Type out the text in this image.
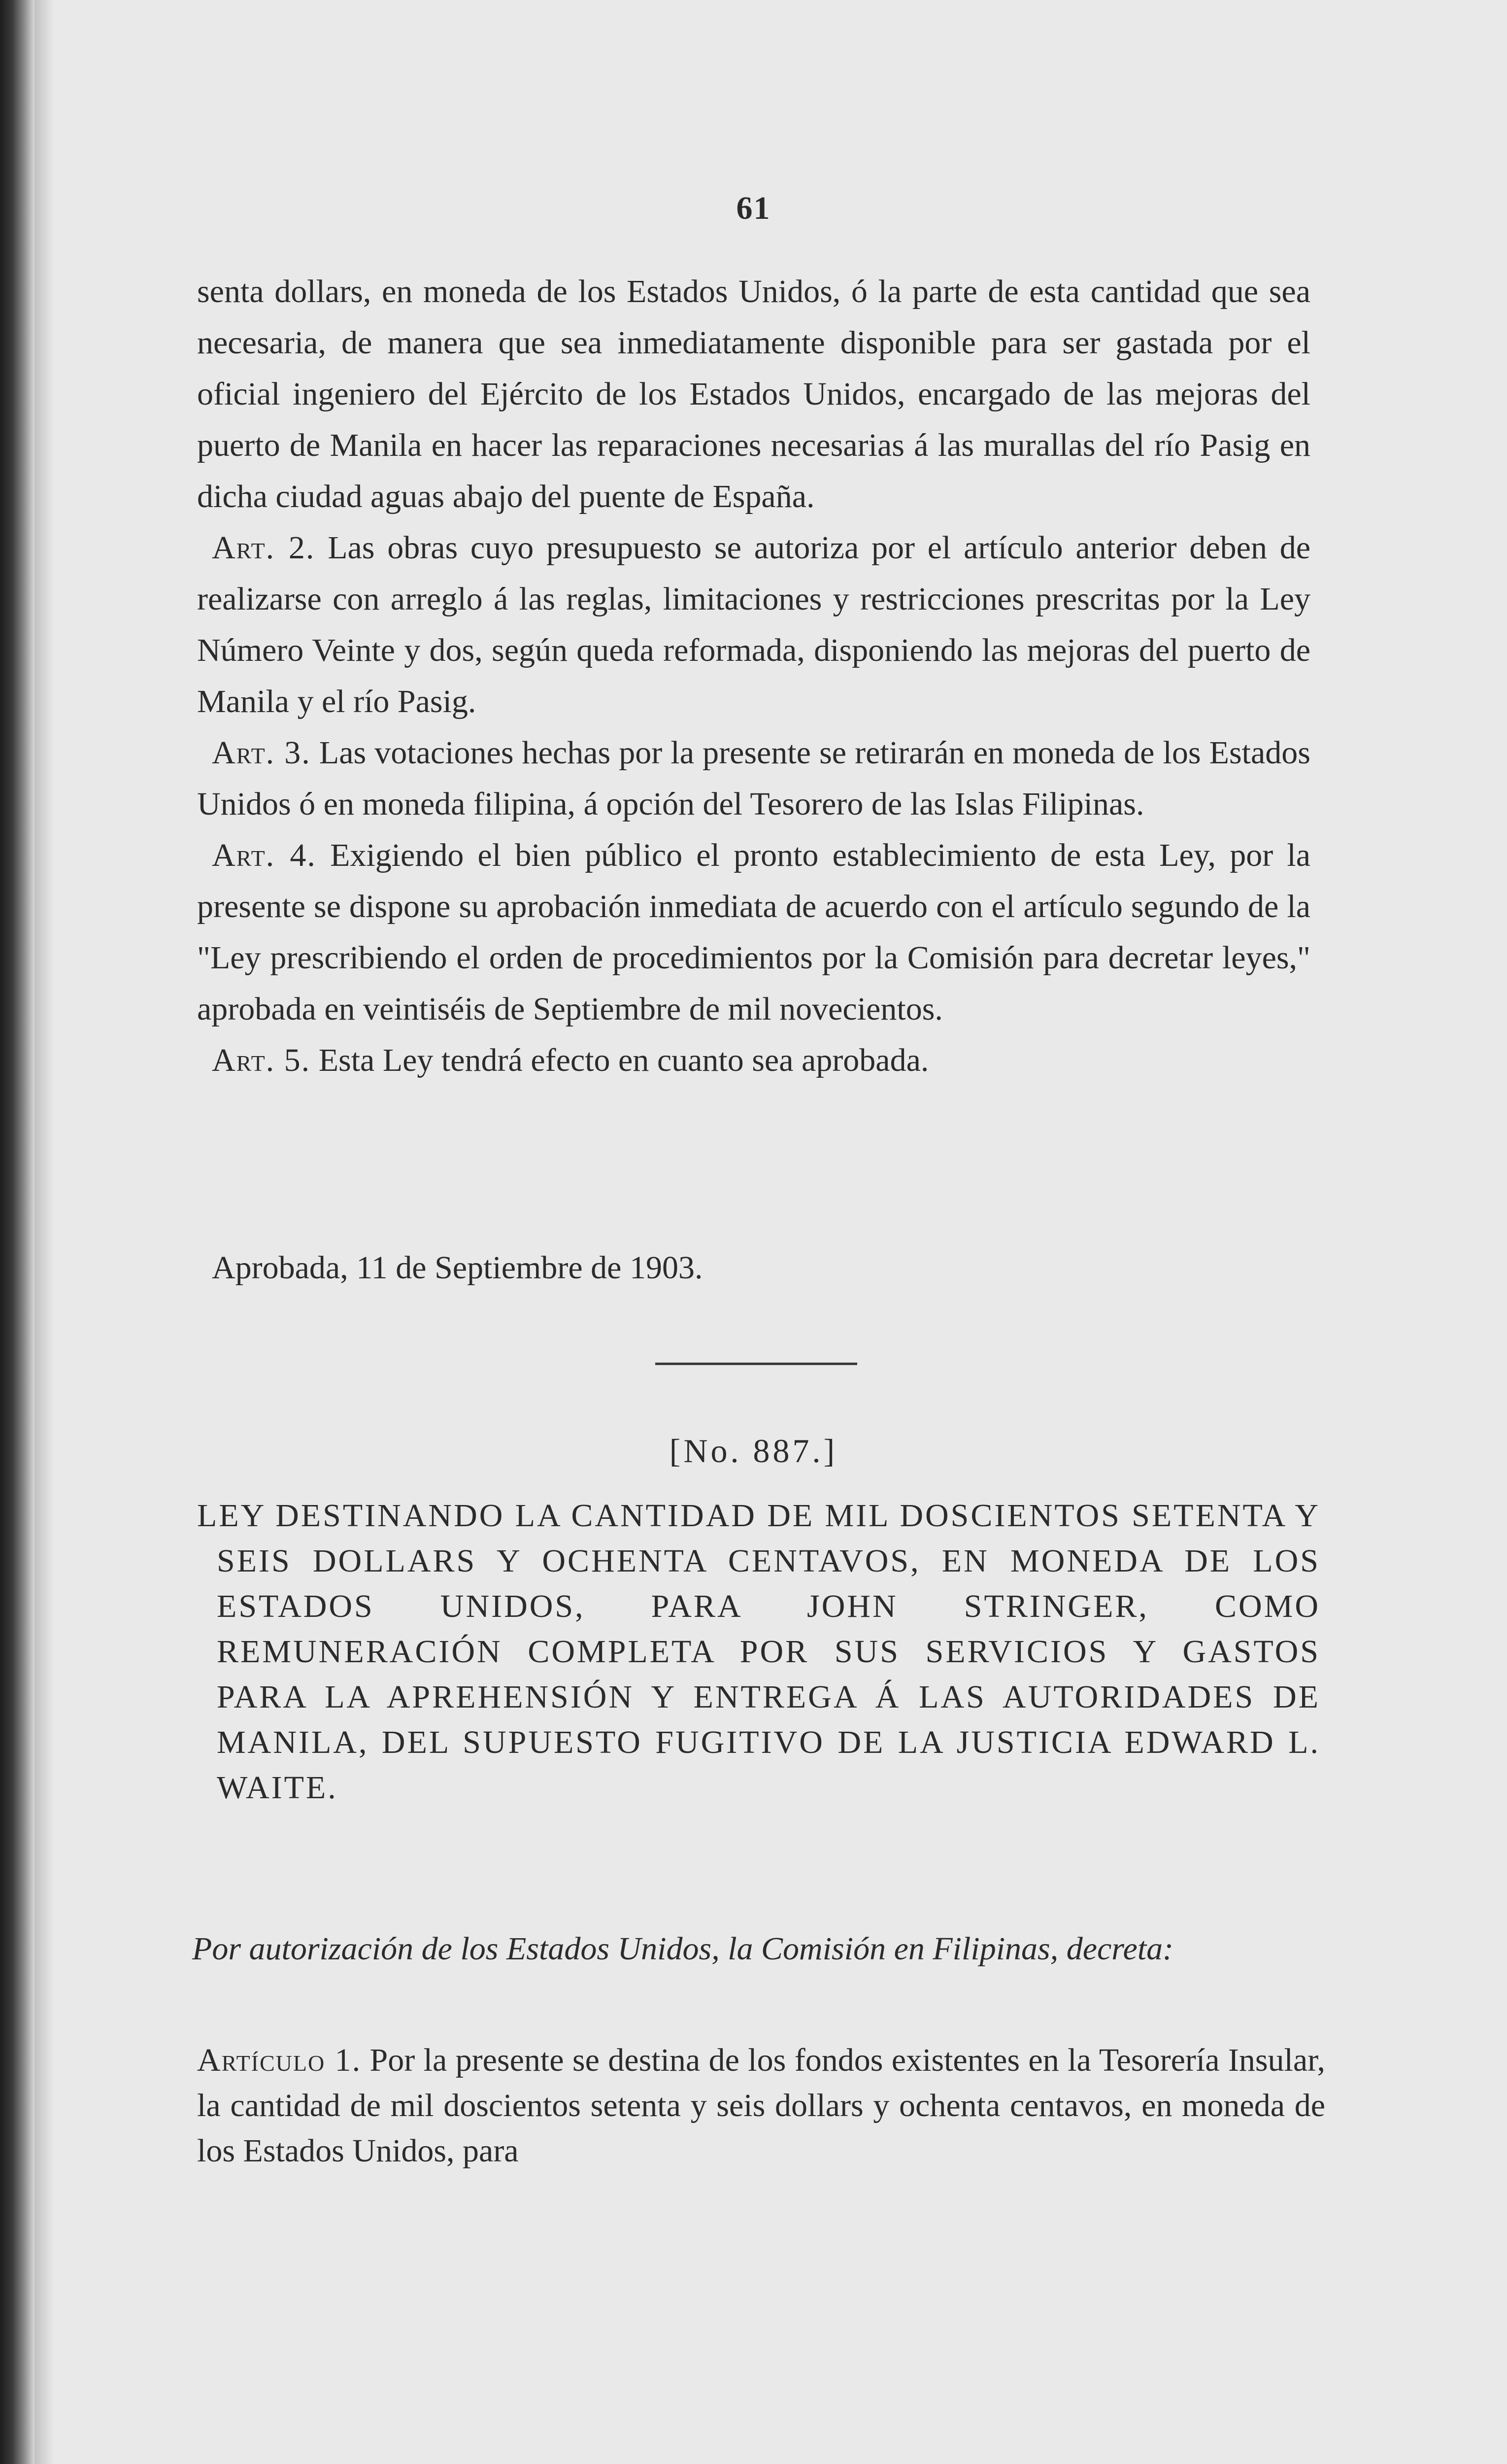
61

senta dollars, en moneda de los Estados Unidos, ó la parte de esta cantidad que sea necesaria, de manera que sea inmediatamente disponible para ser gastada por el oficial ingeniero del Ejército de los Estados Unidos, encargado de las mejoras del puerto de Manila en hacer las reparaciones necesarias á las murallas del río Pasig en dicha ciudad aguas abajo del puente de España.

Art. 2. Las obras cuyo presupuesto se autoriza por el artículo anterior deben de realizarse con arreglo á las reglas, limitaciones y restricciones prescritas por la Ley Número Veinte y dos, según queda reformada, disponiendo las mejoras del puerto de Manila y el río Pasig.

Art. 3. Las votaciones hechas por la presente se retirarán en moneda de los Estados Unidos ó en moneda filipina, á opción del Tesorero de las Islas Filipinas.

Art. 4. Exigiendo el bien público el pronto establecimiento de esta Ley, por la presente se dispone su aprobación inmediata de acuerdo con el artículo segundo de la "Ley prescribiendo el orden de procedimientos por la Comisión para decretar leyes," aprobada en veintiséis de Septiembre de mil novecientos.

Art. 5. Esta Ley tendrá efecto en cuanto sea aprobada.

Aprobada, 11 de Septiembre de 1903.
[No. 887.]
LEY DESTINANDO LA CANTIDAD DE MIL DOSCIENTOS SETENTA Y SEIS DOLLARS Y OCHENTA CENTAVOS, EN MONEDA DE LOS ESTADOS UNIDOS, PARA JOHN STRINGER, COMO REMUNERACIÓN COMPLETA POR SUS SERVICIOS Y GASTOS PARA LA APREHENSIÓN Y ENTREGA Á LAS AUTORIDADES DE MANILA, DEL SUPUESTO FUGITIVO DE LA JUSTICIA EDWARD L. WAITE.
Por autorización de los Estados Unidos, la Comisión en Filipinas, decreta:
Artículo 1. Por la presente se destina de los fondos existentes en la Tesorería Insular, la cantidad de mil doscientos setenta y seis dollars y ochenta centavos, en moneda de los Estados Unidos, para
